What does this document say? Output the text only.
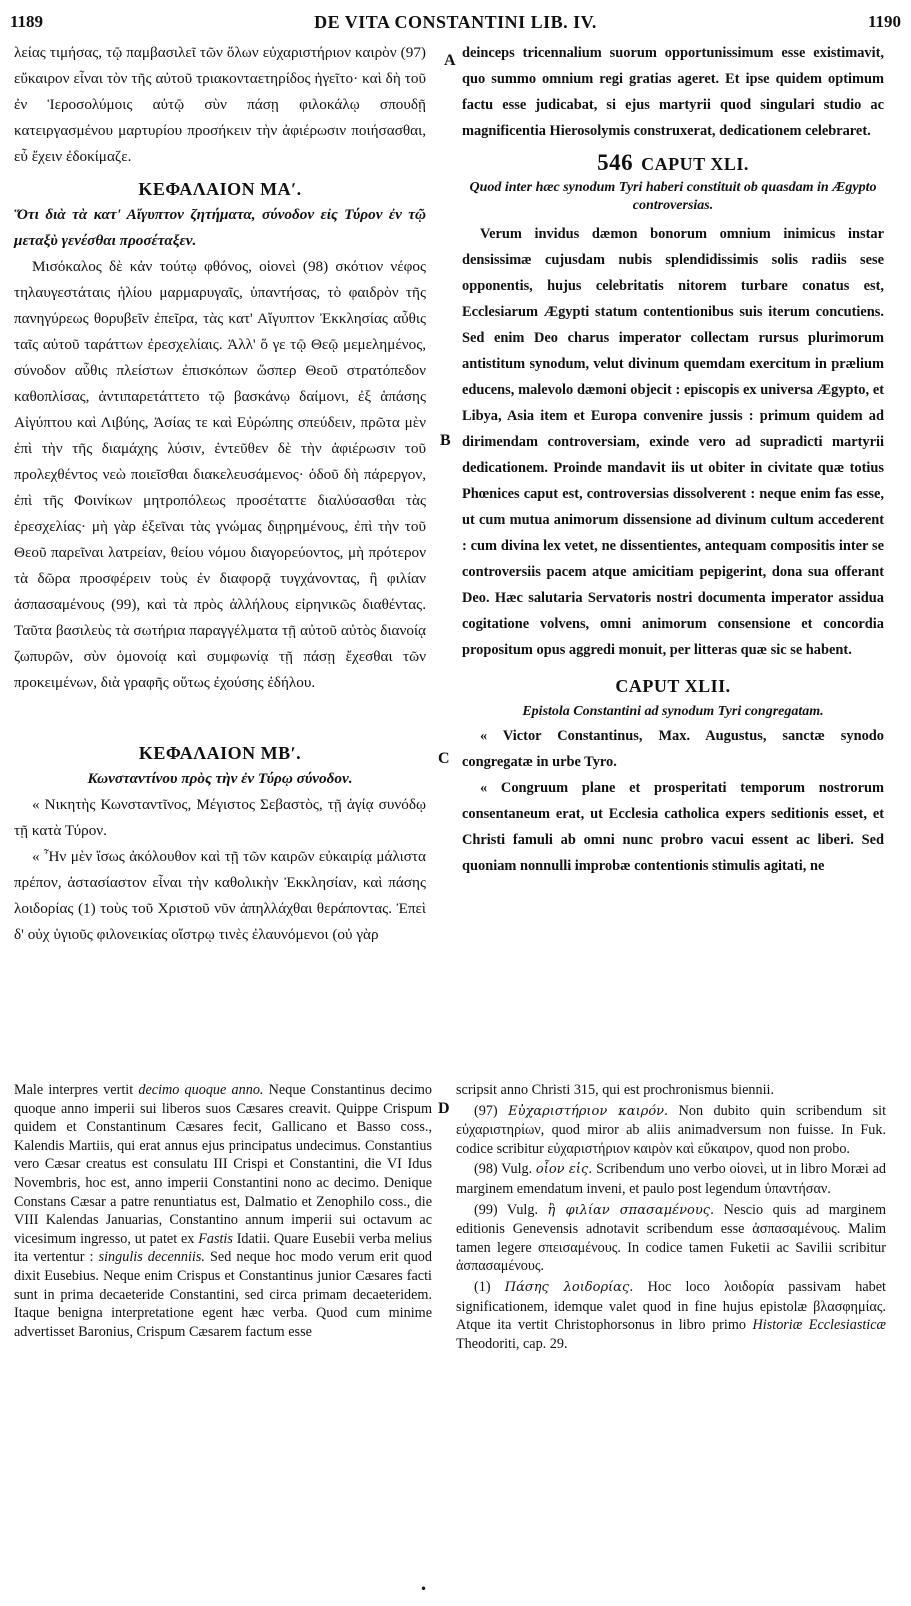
1189	DE VITA CONSTANTINI LIB. IV.	1190

λείας τιμήσας, τῷ παμβασιλεῖ τῶν ὅλων εὐχαριστήριον καιρὸν (97) εὔκαιρον εἶναι τὸν τῆς αὐτοῦ τριακονταετηρίδος ἡγεῖτο· καὶ δὴ τοῦ ἐν Ἱεροσολύμοις αὐτῷ σὺν πάσῃ φιλοκάλῳ σπουδῇ κατειργασμένου μαρτυρίου προσήκειν τὴν ἀφιέρωσιν ποιήσασθαι, εὖ ἔχειν ἐδοκίμαζε.

ΚΕΦΑΛΑΙΟΝ ΜΑʹ.

Ὅτι διὰ τὰ κατ' Αἴγυπτον ζητήματα, σύνοδον εἰς Τύρον ἐν τῷ μεταξὺ γενέσθαι προσέταξεν.

Μισόκαλος δὲ κἀν τούτῳ φθόνος, οἱονεὶ (98) σκότιον νέφος τηλαυγεστάταις ἡλίου μαρμαρυγαῖς, ὑπαντήσας, τὸ φαιδρὸν τῆς πανηγύρεως θορυβεῖν ἐπεῖρα, τὰς κατ' Αἴγυπτον Ἐκκλησίας αὖθις ταῖς αὐτοῦ ταράττων ἐρεσχελίαις. Ἀλλ' ὅ γε τῷ Θεῷ μεμελημένος, σύνοδον αὖθις πλείστων ἐπισκόπων ὥσπερ Θεοῦ στρατόπεδον καθοπλίσας, ἀντιπαρετάττετο τῷ βασκάνῳ δαίμονι, ἐξ ἁπάσης Αἰγύπτου καὶ Λιβύης, Ἀσίας τε καὶ Εὐρώπης σπεύδειν, πρῶτα μὲν ἐπὶ τὴν τῆς διαμάχης λύσιν, ἐντεῦθεν δὲ τὴν ἀφιέρωσιν τοῦ προλεχθέντος νεὼ ποιεῖσθαι διακελευσάμενος· ὁδοῦ δὴ πάρεργον, ἐπὶ τῆς Φοινίκων μητροπόλεως προσέταττε διαλύσασθαι τὰς ἐρεσχελίας· μὴ γὰρ ἐξεῖναι τὰς γνώμας διῃρημένους, ἐπὶ τὴν τοῦ Θεοῦ παρεῖναι λατρείαν, θείου νόμου διαγορεύοντος, μὴ πρότερον τὰ δῶρα προσφέρειν τοὺς ἐν διαφορᾷ τυγχάνοντας, ἢ φιλίαν ἀσπασαμένους (99), καὶ τὰ πρὸς ἀλλήλους εἰρηνικῶς διαθέντας. Ταῦτα βασιλεὺς τὰ σωτήρια παραγγέλματα τῇ αὐτοῦ αὐτὸς διανοίᾳ ζωπυρῶν, σὺν ὁμονοίᾳ καὶ συμφωνίᾳ τῇ πάσῃ ἔχεσθαι τῶν προκειμένων, διὰ γραφῆς οὕτως ἐχούσης ἐδήλου.

ΚΕΦΑΛΑΙΟΝ ΜΒʹ.

Κωνσταντίνου πρὸς τὴν ἐν Τύρῳ σύνοδον.

« Νικητὴς Κωνσταντῖνος, Μέγιστος Σεβαστὸς, τῇ ἁγίᾳ συνόδῳ τῇ κατὰ Τύρον.

« Ἦν μὲν ἴσως ἀκόλουθον καὶ τῇ τῶν καιρῶν εὐκαιρίᾳ μάλιστα πρέπον, ἀστασίαστον εἶναι τὴν καθολικὴν Ἐκκλησίαν, καὶ πάσης λοιδορίας (1) τοὺς τοῦ Χριστοῦ νῦν ἀπηλλάχθαι θεράποντας. Ἐπεὶ δ' οὐχ ὑγιοῦς φιλονεικίας οἴστρῳ τινὲς ἐλαυνόμενοι (οὐ γὰρ

deinceps tricennalium suorum opportunissimum esse existimavit, quo summo omnium regi gratias ageret. Et ipse quidem optimum factu esse judicabat, si ejus martyrii quod singulari studio ac magnificentia Hierosolymis construxerat, dedicationem celebraret.

546 CAPUT XLI.

Quod inter hæc synodum Tyri haberi constituit ob quasdam in Ægypto controversias.

Verum invidus dæmon bonorum omnium inimicus instar densissimæ cujusdam nubis splendidissimis solis radiis sese opponentis, hujus celebritatis nitorem turbare conatus est, Ecclesiarum Ægypti statum contentionibus suis iterum concutiens. Sed enim Deo charus imperator collectam rursus plurimorum antistitum synodum, velut divinum quemdam exercitum in prælium educens, malevolo dæmoni objecit : episcopis ex universa Ægypto, et Libya, Asia item et Europa convenire jussis : primum quidem ad dirimendam controversiam, exinde vero ad supradicti martyrii dedicationem. Proinde mandavit iis ut obiter in civitate quæ totius Phœnices caput est, controversias dissolverent : neque enim fas esse, ut cum mutua animorum dissensione ad divinum cultum accederent : cum divina lex vetet, ne dissentientes, antequam compositis inter se controversiis pacem atque amicitiam pepigerint, dona sua offerant Deo. Hæc salutaria Servatoris nostri documenta imperator assidua cogitatione volvens, omni animorum consensione et concordia propositum opus aggredi monuit, per litteras quæ sic se habent.

CAPUT XLII.

Epistola Constantini ad synodum Tyri congregatam.

« Victor Constantinus, Max. Augustus, sanctæ synodo congregatæ in urbe Tyro.

« Congruum plane et prosperitati temporum nostrorum consentaneum erat, ut Ecclesia catholica expers seditionis esset, et Christi famuli ab omni nunc probro vacui essent ac liberi. Sed quoniam nonnulli improbæ contentionis stimulis agitati, ne

A
B
C
D

Male interpres vertit decimo quoque anno. Neque Constantinus decimo quoque anno imperii sui liberos suos Cæsares creavit. Quippe Crispum quidem et Constantinum Cæsares fecit, Gallicano et Basso coss., Kalendis Martiis, qui erat annus ejus principatus undecimus. Constantius vero Cæsar creatus est consulatu III Crispi et Constantini, die VI Idus Novembris, hoc est, anno imperii Constantini nono ac decimo. Denique Constans Cæsar a patre renuntiatus est, Dalmatio et Zenophilo coss., die VIII Kalendas Januarias, Constantino annum imperii sui octavum ac vicesimum ingresso, ut patet ex Fastis Idatii. Quare Eusebii verba melius ita vertentur : singulis decenniis. Sed neque hoc modo verum erit quod dixit Eusebius. Neque enim Crispus et Constantinus junior Cæsares facti sunt in prima decaeteride Constantini, sed circa primam decaeteridem. Itaque benigna interpretatione egent hæc verba. Quod cum minime advertisset Baronius, Crispum Cæsarem factum esse

scripsit anno Christi 315, qui est prochronismus biennii.

(97) Εὐχαριστήριον καιρόν. Non dubito quin scribendum sit εὐχαριστηρίων, quod miror ab aliis animadversum non fuisse. In Fuk. codice scribitur εὐχαριστήριον καιρὸν καὶ εὔκαιρον, quod non probo.

(98) Vulg. οἷον εἰς. Scribendum uno verbo οἱονεὶ, ut in libro Moræi ad marginem emendatum inveni, et paulo post legendum ὑπαντήσαν.

(99) Vulg. ἢ φιλίαν σπασαμένους. Nescio quis ad marginem editionis Genevensis adnotavit scribendum esse ἀσπασαμένους. Malim tamen legere σπεισαμένους. In codice tamen Fuketii ac Savilii scribitur ἀσπασαμένους.

(1) Πάσης λοιδορίας. Hoc loco λοιδορία passivam habet significationem, idemque valet quod in fine hujus epistolæ βλασφημίας. Atque ita vertit Christophorsonus in libro primo Historiæ Ecclesiasticæ Theodoriti, cap. 29.

•
